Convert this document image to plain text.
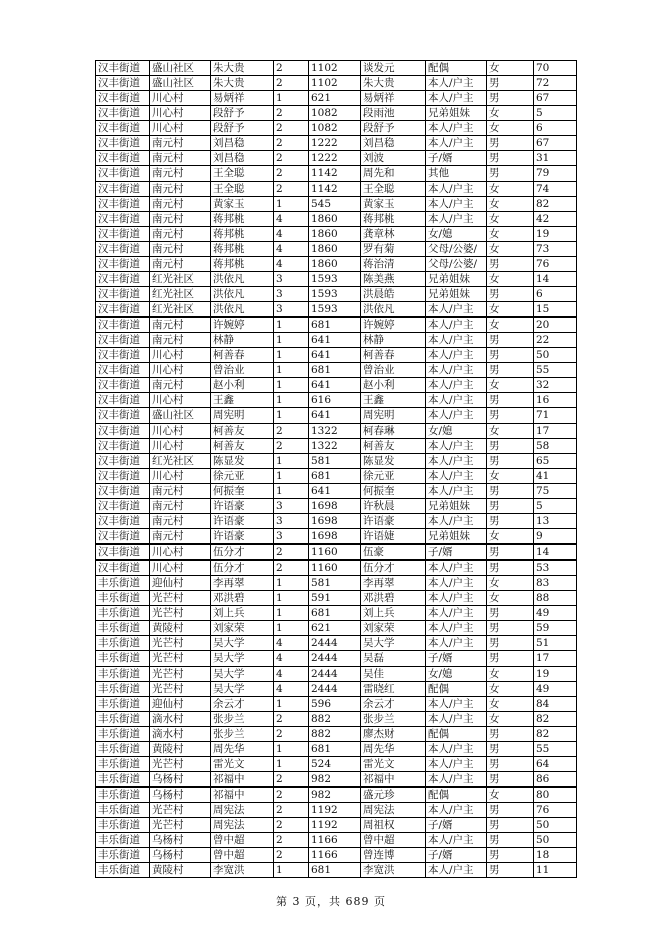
汉丰街道	盛山社区	朱大贵	2	1102	谈发元	配偶	女	70
汉丰街道	盛山社区	朱大贵	2	1102	朱大贵	本人/户主	男	72
汉丰街道	川心村	易炳祥	1	621	易炳祥	本人/户主	男	67
汉丰街道	川心村	段舒予	2	1082	段雨池	兄弟姐妹	女	5
汉丰街道	川心村	段舒予	2	1082	段舒予	本人/户主	女	6
汉丰街道	南元村	刘昌稳	2	1222	刘昌稳	本人/户主	男	67
汉丰街道	南元村	刘昌稳	2	1222	刘波	子/婿	男	31
汉丰街道	南元村	王全聪	2	1142	周先和	其他	男	79
汉丰街道	南元村	王全聪	2	1142	王全聪	本人/户主	女	74
汉丰街道	南元村	黄家玉	1	545	黄家玉	本人/户主	女	82
汉丰街道	南元村	蒋邦桃	4	1860	蒋邦桃	本人/户主	女	42
汉丰街道	南元村	蒋邦桃	4	1860	龚章林	女/媳	女	19
汉丰街道	南元村	蒋邦桃	4	1860	罗有菊	父母/公婆/	女	73
汉丰街道	南元村	蒋邦桃	4	1860	蒋治清	父母/公婆/	男	76
汉丰街道	红光社区	洪依凡	3	1593	陈美燕	兄弟姐妹	女	14
汉丰街道	红光社区	洪依凡	3	1593	洪晨皓	兄弟姐妹	男	6
汉丰街道	红光社区	洪依凡	3	1593	洪依凡	本人/户主	女	15
汉丰街道	南元村	许婉婷	1	681	许婉婷	本人/户主	女	20
汉丰街道	南元村	林静	1	641	林静	本人/户主	男	22
汉丰街道	川心村	柯善春	1	641	柯善春	本人/户主	男	50
汉丰街道	川心村	曾治业	1	681	曾治业	本人/户主	男	55
汉丰街道	南元村	赵小利	1	641	赵小利	本人/户主	女	32
汉丰街道	川心村	王鑫	1	616	王鑫	本人/户主	男	16
汉丰街道	盛山社区	周宪明	1	641	周宪明	本人/户主	男	71
汉丰街道	川心村	柯善友	2	1322	柯春琳	女/媳	女	17
汉丰街道	川心村	柯善友	2	1322	柯善友	本人/户主	男	58
汉丰街道	红光社区	陈显发	1	581	陈显发	本人/户主	男	65
汉丰街道	川心村	徐元亚	1	681	徐元亚	本人/户主	女	41
汉丰街道	南元村	何振奎	1	641	何振奎	本人/户主	男	75
汉丰街道	南元村	许语豪	3	1698	许秋晨	兄弟姐妹	男	5
汉丰街道	南元村	许语豪	3	1698	许语豪	本人/户主	男	13
汉丰街道	南元村	许语豪	3	1698	许语婕	兄弟姐妹	女	9
汉丰街道	川心村	伍分才	2	1160	伍豪	子/婿	男	14
汉丰街道	川心村	伍分才	2	1160	伍分才	本人/户主	男	53
丰乐街道	迎仙村	李再翠	1	581	李再翠	本人/户主	女	83
丰乐街道	光芒村	邓洪碧	1	591	邓洪碧	本人/户主	女	88
丰乐街道	光芒村	刘上兵	1	681	刘上兵	本人/户主	男	49
丰乐街道	黄陵村	刘家荣	1	621	刘家荣	本人/户主	男	59
丰乐街道	光芒村	吴大学	4	2444	吴大学	本人/户主	男	51
丰乐街道	光芒村	吴大学	4	2444	吴磊	子/婿	男	17
丰乐街道	光芒村	吴大学	4	2444	吴佳	女/媳	女	19
丰乐街道	光芒村	吴大学	4	2444	雷晓红	配偶	女	49
丰乐街道	迎仙村	余云才	1	596	余云才	本人/户主	女	84
丰乐街道	滴水村	张步兰	2	882	张步兰	本人/户主	女	82
丰乐街道	滴水村	张步兰	2	882	廖杰财	配偶	男	82
丰乐街道	黄陵村	周先华	1	681	周先华	本人/户主	男	55
丰乐街道	光芒村	雷光文	1	524	雷光文	本人/户主	男	64
丰乐街道	乌杨村	祁福中	2	982	祁福中	本人/户主	男	86
丰乐街道	乌杨村	祁福中	2	982	盛元珍	配偶	女	80
丰乐街道	光芒村	周宪法	2	1192	周宪法	本人/户主	男	76
丰乐街道	光芒村	周宪法	2	1192	周祖权	子/婿	男	50
丰乐街道	乌杨村	曾中超	2	1166	曾中超	本人/户主	男	50
丰乐街道	乌杨村	曾中超	2	1166	曾连博	子/婿	男	18
丰乐街道	黄陵村	李宽洪	1	681	李宽洪	本人/户主	男	11
第 3 页，共 689 页
